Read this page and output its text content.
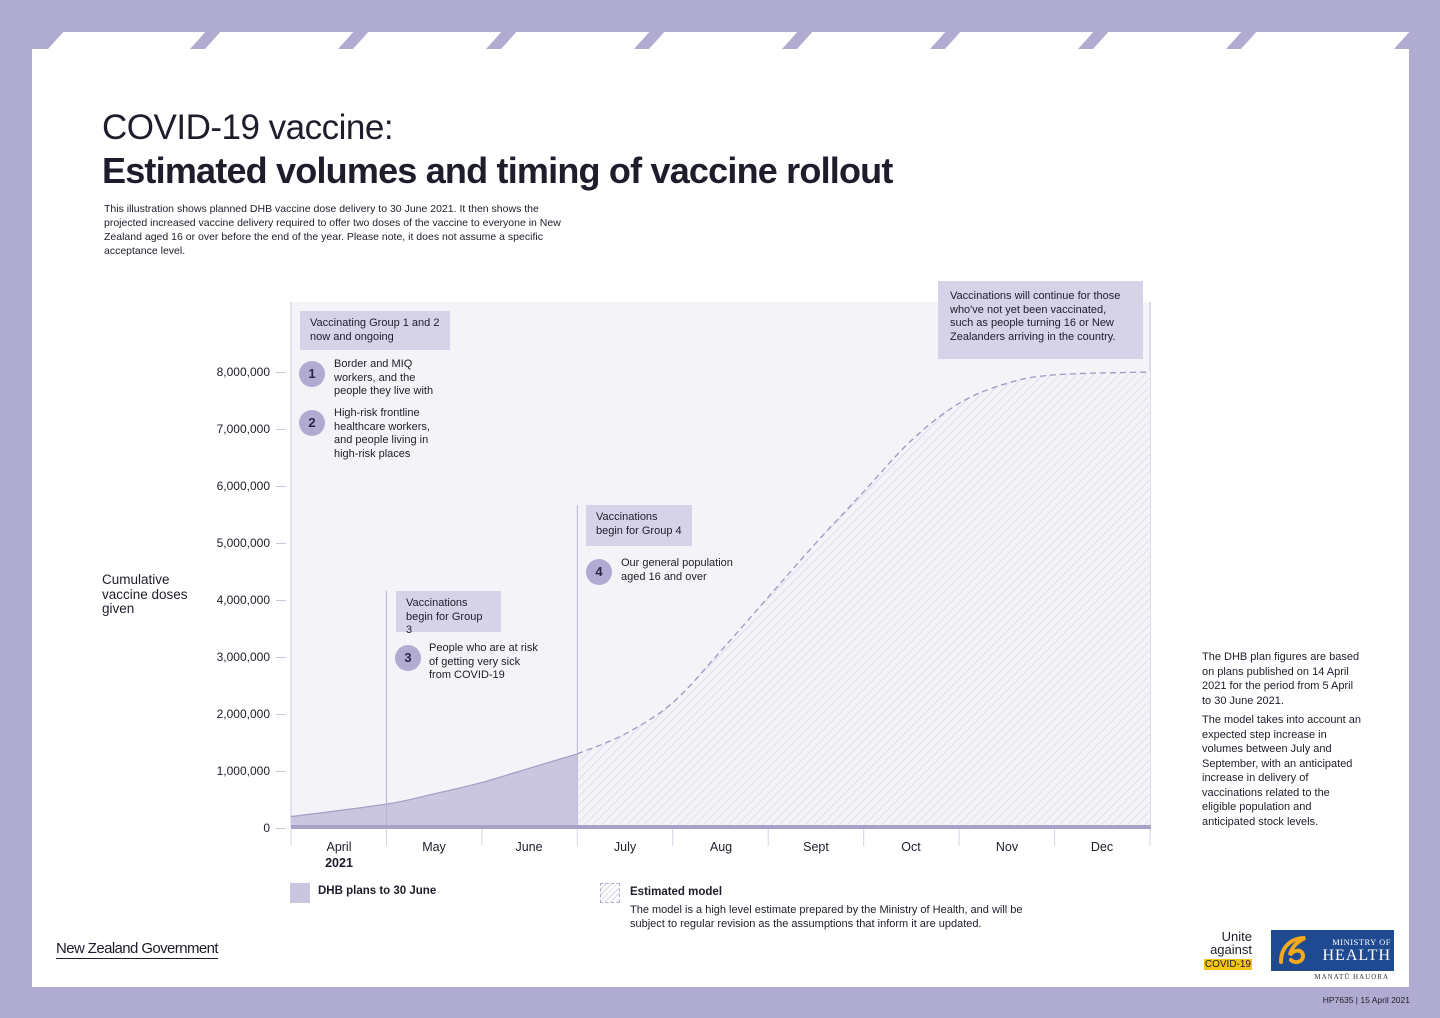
COVID-19 vaccine:
Estimated volumes and timing of vaccine rollout
This illustration shows planned DHB vaccine dose delivery to 30 June 2021. It then shows the projected increased vaccine delivery required to offer two doses of the vaccine to everyone in New Zealand aged 16 or over before the end of the year. Please note, it does not assume a specific acceptance level.
Cumulative vaccine doses given
0
1,000,000
2,000,000
3,000,000
4,000,000
5,000,000
6,000,000
7,000,000
8,000,000
April	May	June	July	Aug	Sept	Oct	Nov	Dec
2021
Vaccinating Group 1 and 2 now and ongoing
1
Border and MIQ workers, and the people they live with
2
High-risk frontline healthcare workers, and people living in high-risk places
Vaccinations begin for Group 3
3
People who are at risk of getting very sick from COVID-19
Vaccinations begin for Group 4
4
Our general population aged 16 and over
Vaccinations will continue for those who've not yet been vaccinated, such as people turning 16 or New Zealanders arriving in the country.

The DHB plan figures are based on plans published on 14 April 2021 for the period from 5 April to 30 June 2021.

The model takes into account an expected step increase in volumes between July and September, with an anticipated increase in delivery of vaccinations related to the eligible population and anticipated stock levels.

DHB plans to 30 June	Estimated model
The model is a high level estimate prepared by the Ministry of Health, and will be subject to regular revision as the assumptions that inform it are updated.
New Zealand Government
Unite
against
COVID-19
MINISTRY OF
HEALTH
MANATŪ HAUORA
HP7635 | 15 April 2021
